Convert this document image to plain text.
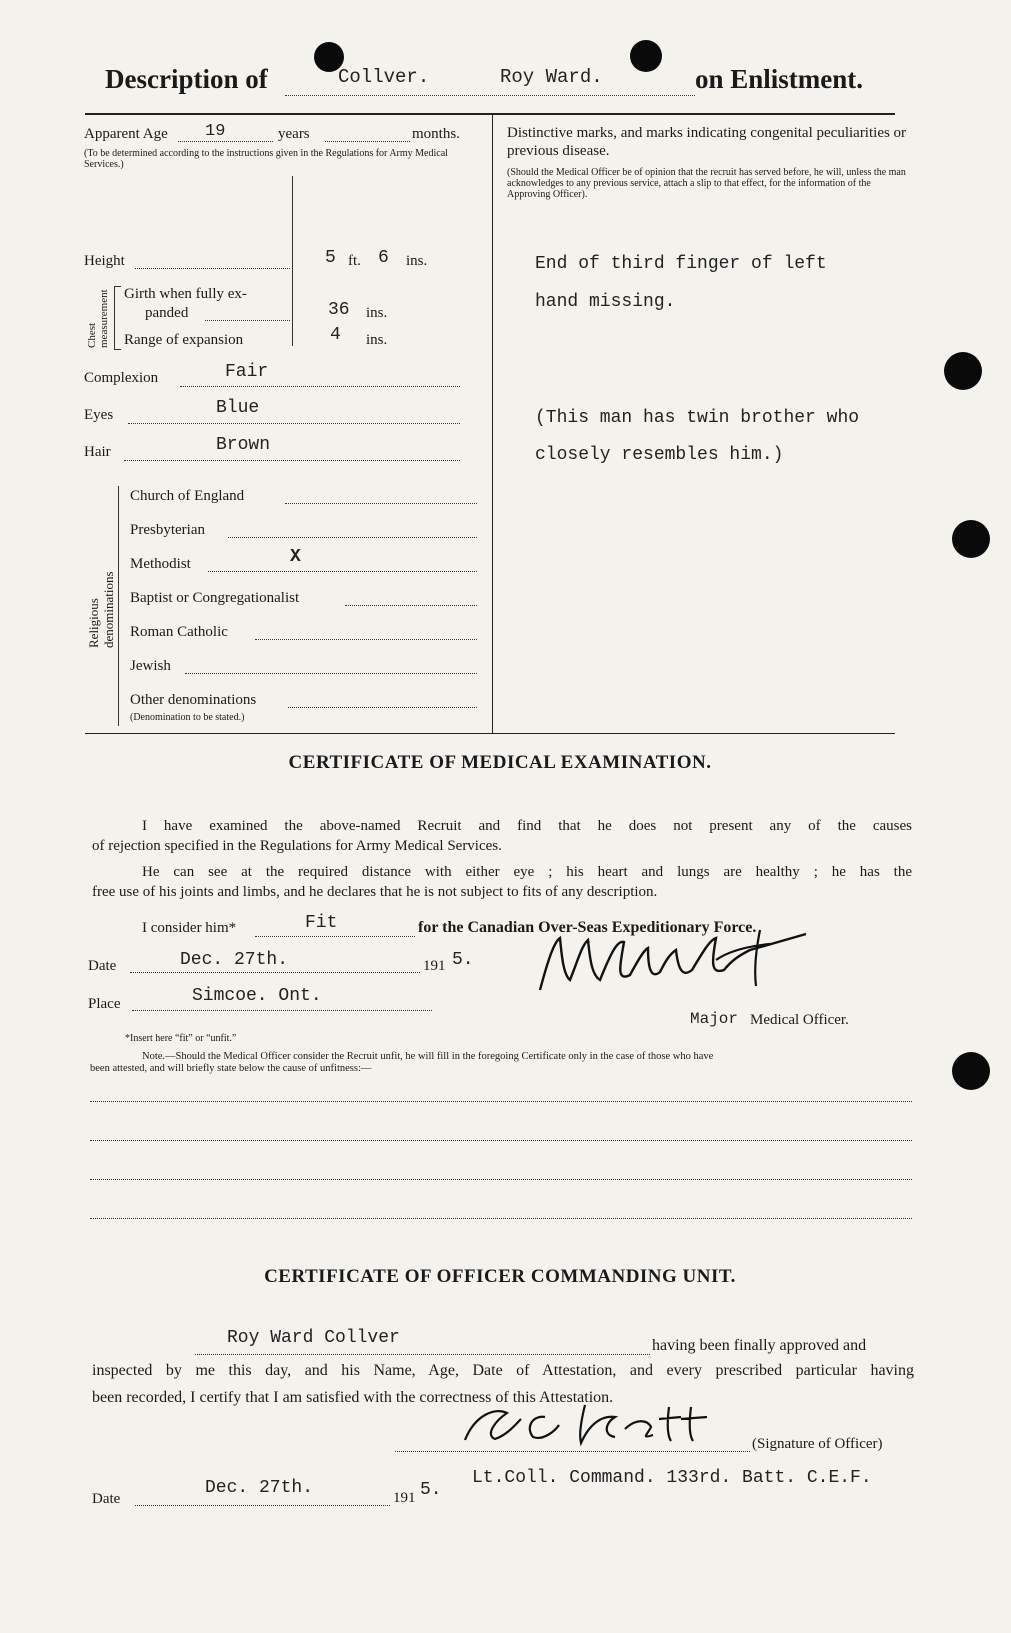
Description of	Collver.	Roy Ward.	on Enlistment.
Apparent Age 19	years	months.
(To be determined according to the instructions given in the Regulations for Army Medical Services.)
Height	5 ft. 6 ins.
Chest measurement Girth when fully ex-
panded	36 ins.
Range of expansion	4 ins.
Complexion	Fair
Eyes	Blue
Hair	Brown
Religious denominations
Church of England
Presbyterian
Methodist	X
Baptist or Congregationalist
Roman Catholic
Jewish
Other denominations
(Denomination to be stated.)
Distinctive marks, and marks indicating congenital peculiarities or previous disease.
(Should the Medical Officer be of opinion that the recruit has served before, he will, unless the man acknowledges to any previous service, attach a slip to that effect, for the information of the Approving Officer).
End of third finger of left
hand missing.
(This man has twin brother who
closely resembles him.)
CERTIFICATE OF MEDICAL EXAMINATION.
I have examined the above-named Recruit and find that he does not present any of the causes
of rejection specified in the Regulations for Army Medical Services.
He can see at the required distance with either eye ; his heart and lungs are healthy ; he has the
free use of his joints and limbs, and he declares that he is not subject to fits of any description.
I consider him*	Fit	for the Canadian Over-Seas Expeditionary Force.
Date	Dec. 27th.	191 5.
Place	Simcoe. Ont.
Major Medical Officer.
*Insert here “fit” or “unfit.”
Note.—Should the Medical Officer consider the Recruit unfit, he will fill in the foregoing Certificate only in the case of those who have
been attested, and will briefly state below the cause of unfitness:—
CERTIFICATE OF OFFICER COMMANDING UNIT.
Roy Ward Collver	having been finally approved and
inspected by me this day, and his Name, Age, Date of Attestation, and every prescribed particular having
been recorded, I certify that I am satisfied with the correctness of this Attestation.
(Signature of Officer)
Lt.Coll. Command. 133rd. Batt. C.E.F.
Date
Dec. 27th.	191 5.
